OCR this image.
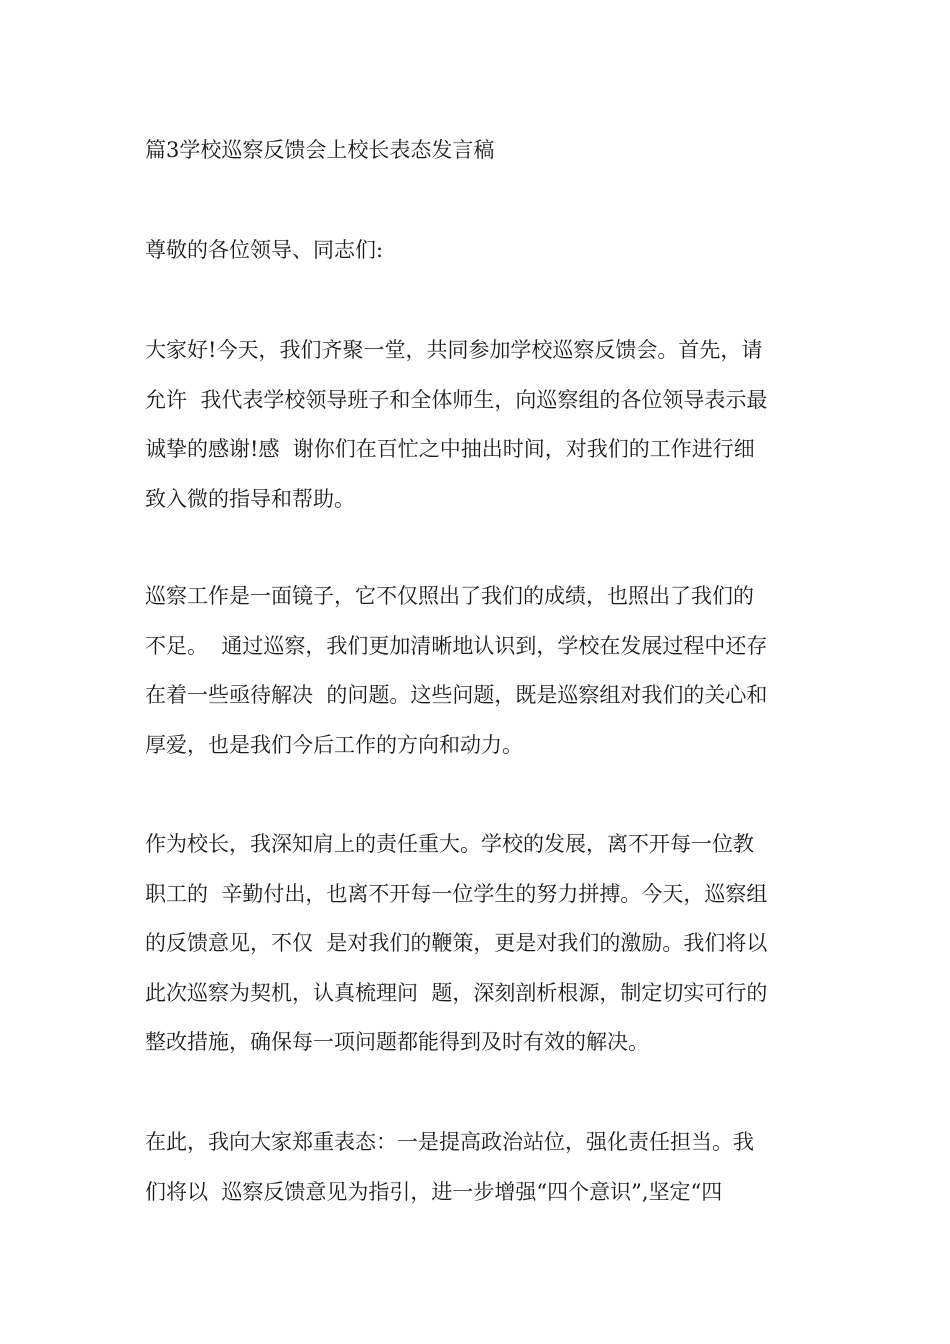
篇3学校巡察反馈会上校长表态发言稿
尊敬的各位领导、同志们:
大家好!今天，我们齐聚一堂，共同参加学校巡察反馈会。首先，请
允许  我代表学校领导班子和全体师生，向巡察组的各位领导表示最
诚挚的感谢!感  谢你们在百忙之中抽出时间，对我们的工作进行细
致入微的指导和帮助。
巡察工作是一面镜子，它不仅照出了我们的成绩，也照出了我们的
不足。  通过巡察，我们更加清晰地认识到，学校在发展过程中还存
在着一些亟待解决  的问题。这些问题，既是巡察组对我们的关心和
厚爱，也是我们今后工作的方向和动力。
作为校长，我深知肩上的责任重大。学校的发展，离不开每一位教
职工的  辛勤付出，也离不开每一位学生的努力拼搏。今天，巡察组
的反馈意见，不仅  是对我们的鞭策，更是对我们的激励。我们将以
此次巡察为契机，认真梳理问  题，深刻剖析根源，制定切实可行的
整改措施，确保每一项问题都能得到及时有效的解决。
在此，我向大家郑重表态：一是提高政治站位，强化责任担当。我
们将以  巡察反馈意见为指引，进一步增强“四个意识”,坚定“四
